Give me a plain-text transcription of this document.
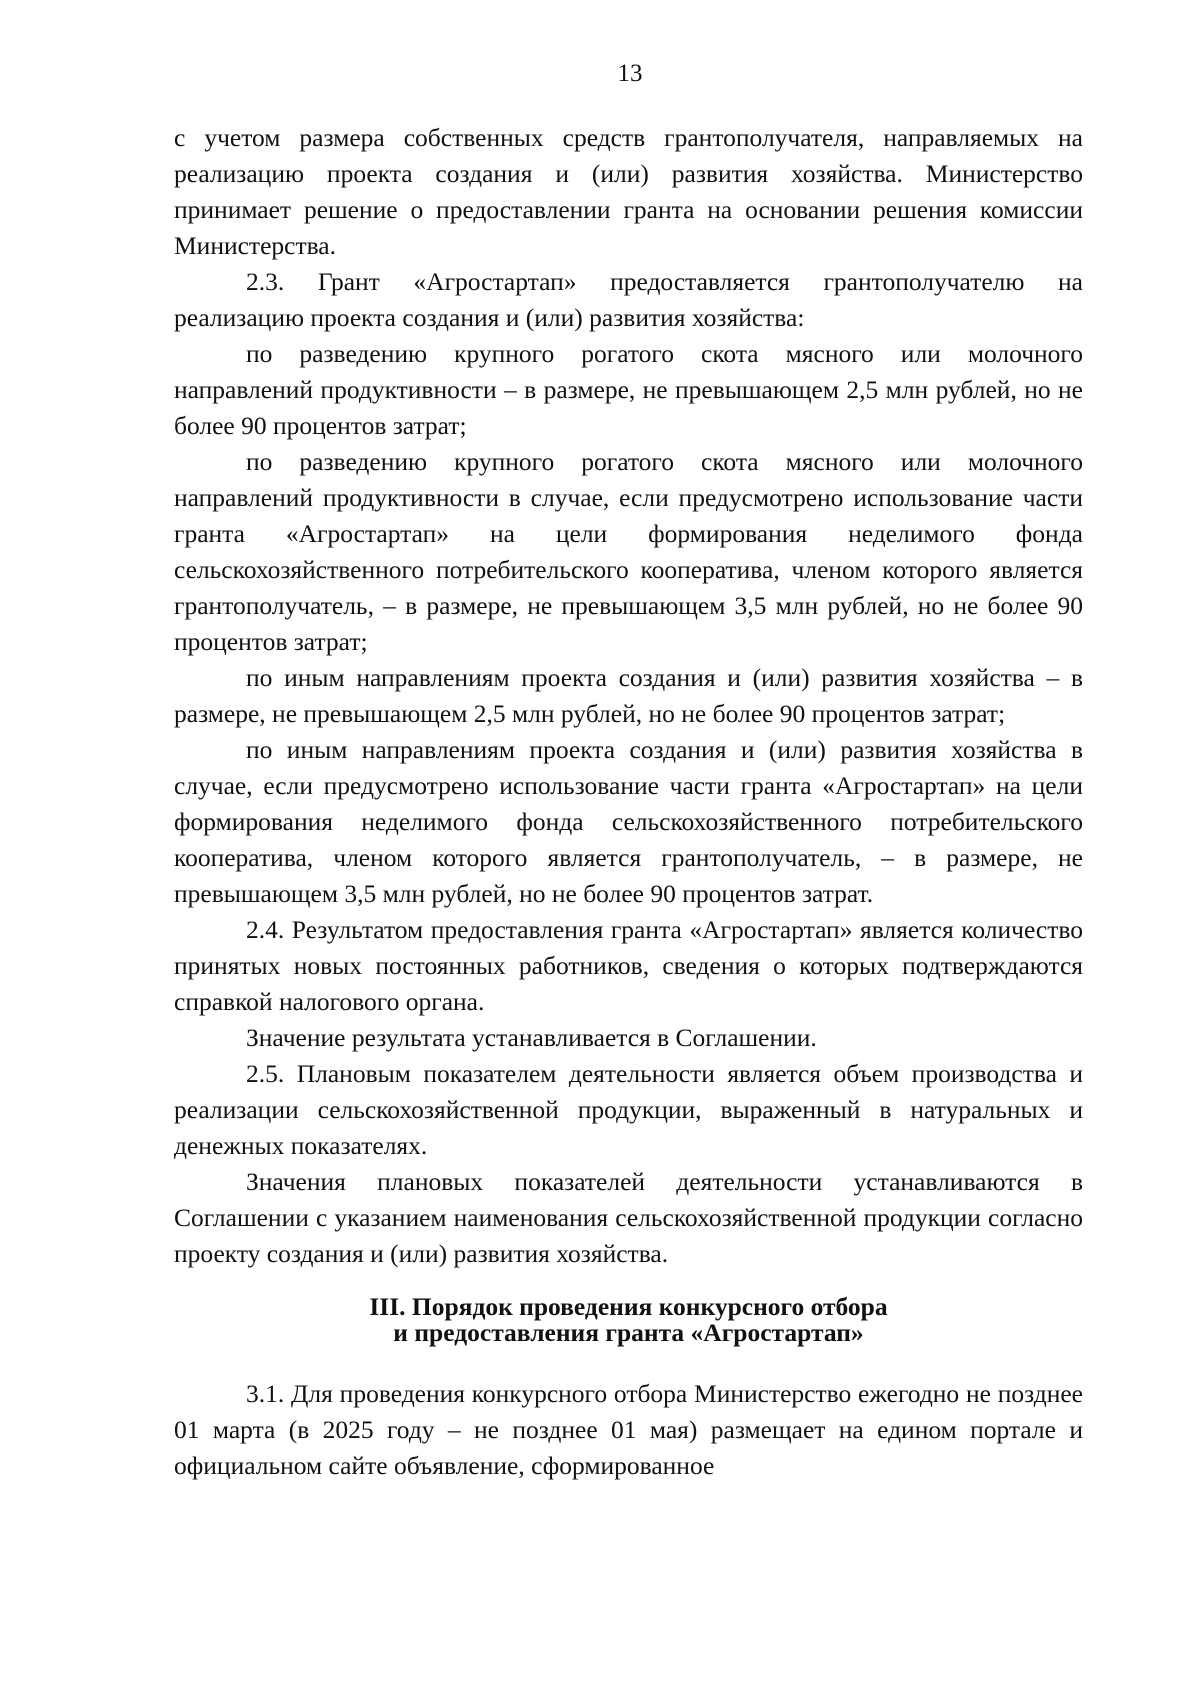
13

с учетом размера собственных средств грантополучателя, направляемых на реализацию проекта создания и (или) развития хозяйства. Министерство принимает решение о предоставлении гранта на основании решения комиссии Министерства.

2.3. Грант «Агростартап» предоставляется грантополучателю на реализацию проекта создания и (или) развития хозяйства:

по разведению крупного рогатого скота мясного или молочного направлений продуктивности – в размере, не превышающем 2,5 млн рублей, но не более 90 процентов затрат;

по разведению крупного рогатого скота мясного или молочного направлений продуктивности в случае, если предусмотрено использование части гранта «Агростартап» на цели формирования неделимого фонда сельскохозяйственного потребительского кооператива, членом которого является грантополучатель, – в размере, не превышающем 3,5 млн рублей, но не более 90 процентов затрат;

по иным направлениям проекта создания и (или) развития хозяйства – в размере, не превышающем 2,5 млн рублей, но не более 90 процентов затрат;

по иным направлениям проекта создания и (или) развития хозяйства в случае, если предусмотрено использование части гранта «Агростартап» на цели формирования неделимого фонда сельскохозяйственного потребительского кооператива, членом которого является грантополучатель, – в размере, не превышающем 3,5 млн рублей, но не более 90 процентов затрат.

2.4. Результатом предоставления гранта «Агростартап» является количество принятых новых постоянных работников, сведения о которых подтверждаются справкой налогового органа.

Значение результата устанавливается в Соглашении.

2.5. Плановым показателем деятельности является объем производства и реализации сельскохозяйственной продукции, выраженный в натуральных и денежных показателях.

Значения плановых показателей деятельности устанавливаются в Соглашении с указанием наименования сельскохозяйственной продукции согласно проекту создания и (или) развития хозяйства.

III. Порядок проведения конкурсного отбора
и предоставления гранта «Агростартап»

3.1. Для проведения конкурсного отбора Министерство ежегодно не позднее 01 марта (в 2025 году – не позднее 01 мая) размещает на едином портале и официальном сайте объявление, сформированное
